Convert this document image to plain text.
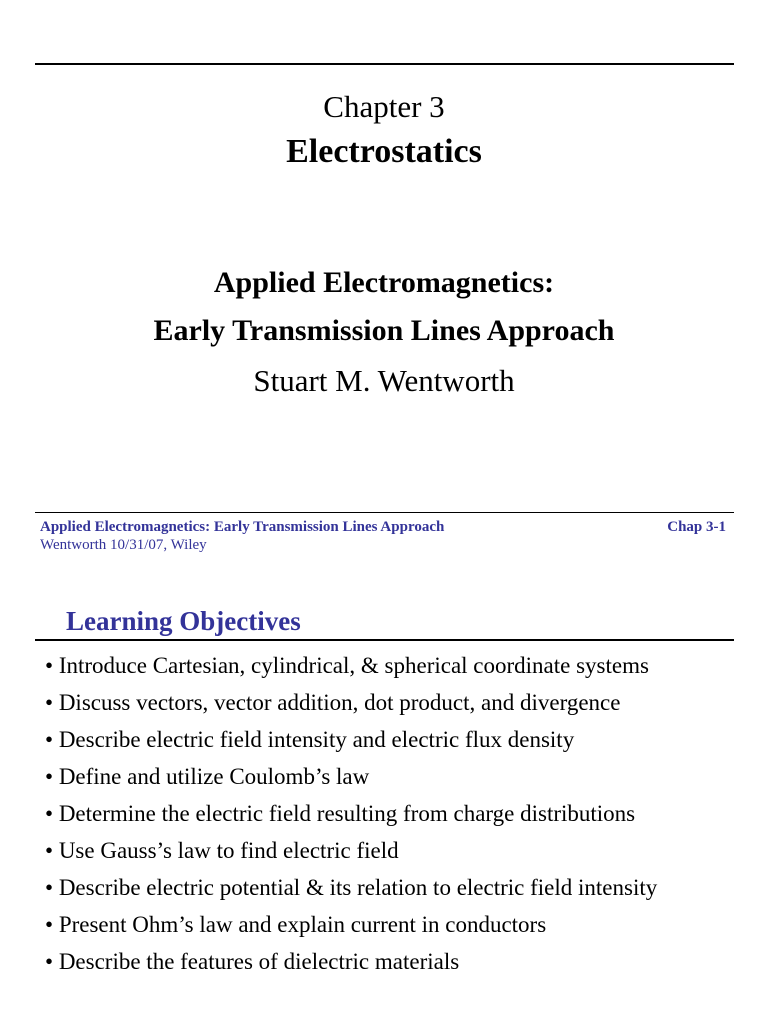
Chapter 3
Electrostatics
Applied Electromagnetics:
Early Transmission Lines Approach
Stuart M. Wentworth
Applied Electromagnetics: Early Transmission Lines Approach
Wentworth 10/31/07, Wiley
Chap 3-1
Learning Objectives
• Introduce Cartesian, cylindrical, & spherical coordinate systems
• Discuss vectors, vector addition, dot product, and divergence
• Describe electric field intensity and electric flux density
• Define and utilize Coulomb’s law
• Determine the electric field resulting from charge distributions
• Use Gauss’s law to find electric field
• Describe electric potential & its relation to electric field intensity
• Present Ohm’s law and explain current in conductors
• Describe the features of dielectric materials
